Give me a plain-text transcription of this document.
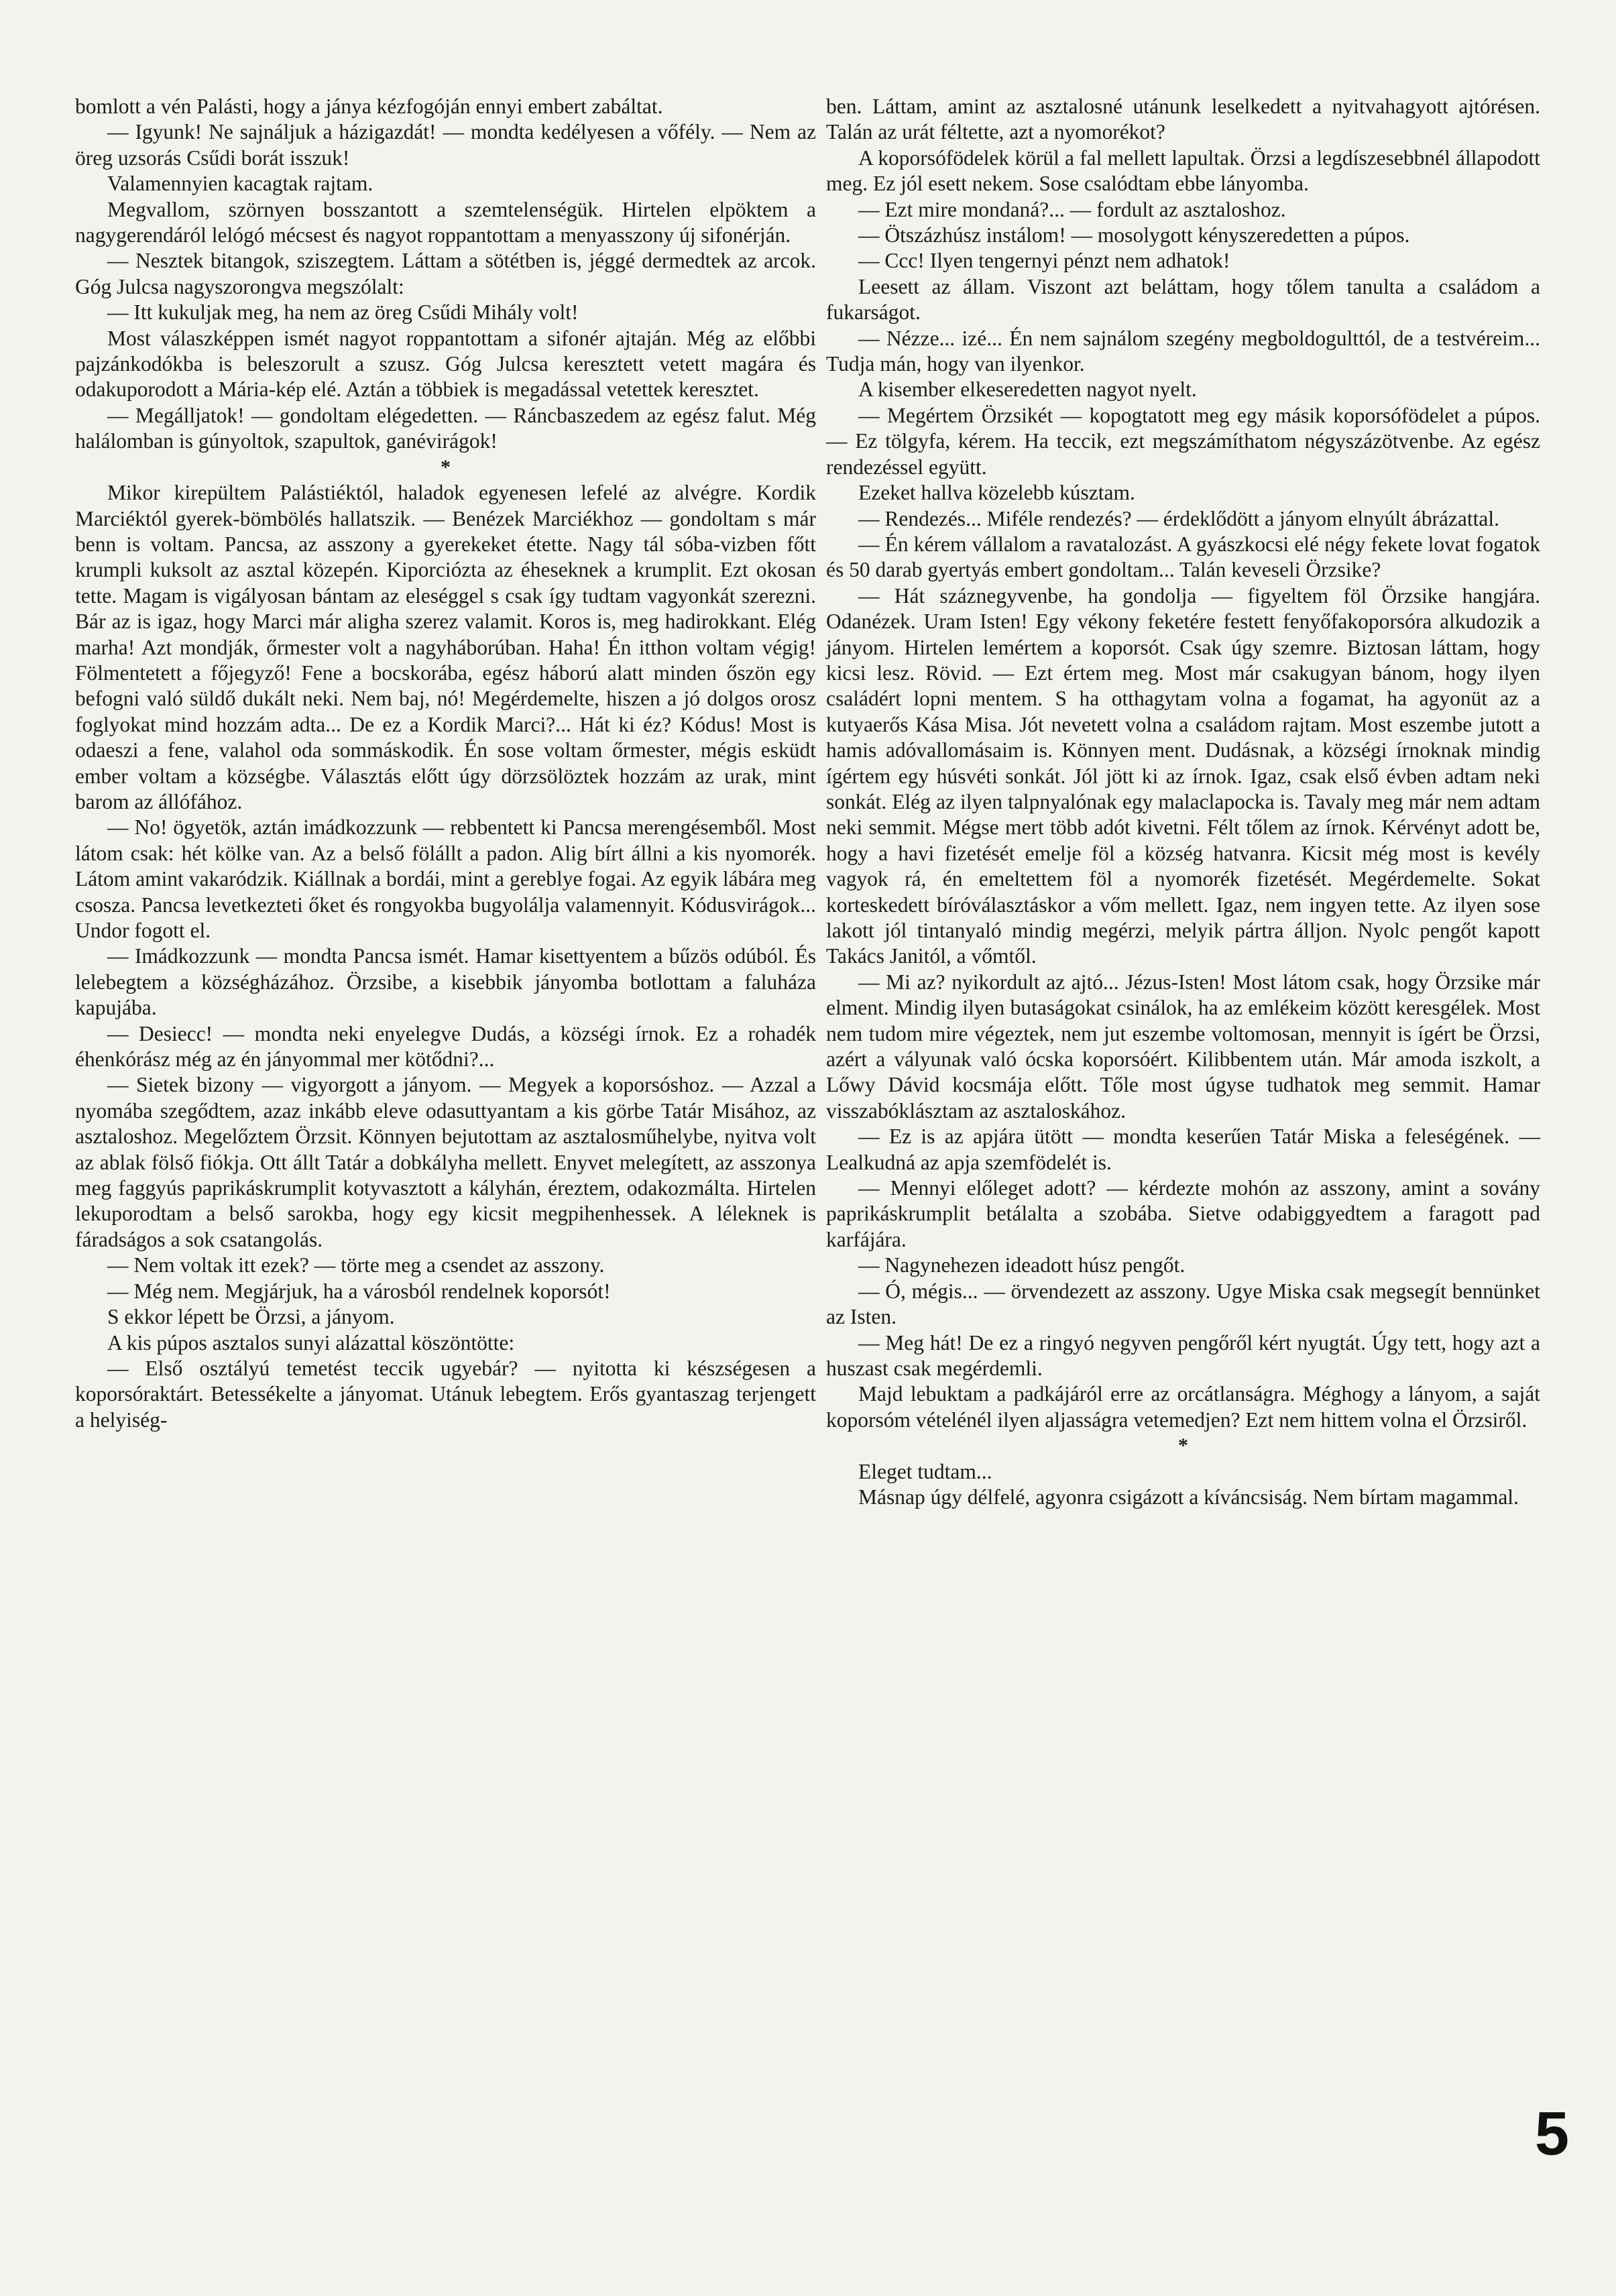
bomlott a vén Palásti, hogy a jánya kézfogóján ennyi embert zabáltat.

— Igyunk! Ne sajnáljuk a házigazdát! — mondta kedélyesen a vőfély. — Nem az öreg uzsorás Csűdi borát isszuk!

Valamennyien kacagtak rajtam.

Megvallom, szörnyen bosszantott a szemtelenségük. Hirtelen elpöktem a nagygerendáról lelógó mécsest és nagyot roppantottam a menyasszony új sifonérján.

— Nesztek bitangok, sziszegtem. Láttam a sötétben is, jéggé dermedtek az arcok. Góg Julcsa nagyszorongva megszólalt:

— Itt kukuljak meg, ha nem az öreg Csűdi Mihály volt!

Most válaszképpen ismét nagyot roppantottam a sifonér ajtaján. Még az előbbi pajzánkodókba is beleszorult a szusz. Góg Julcsa keresztett vetett magára és odakuporodott a Mária-kép elé. Aztán a többiek is megadással vetettek keresztet.

— Megálljatok! — gondoltam elégedetten. — Ráncbaszedem az egész falut. Még halálomban is gúnyoltok, szapultok, ganévirágok!

*

Mikor kirepültem Palástiéktól, haladok egyenesen lefelé az alvégre. Kordik Marciéktól gyerek-bömbölés hallatszik. — Benézek Marciékhoz — gondoltam s már benn is voltam. Pancsa, az asszony a gyerekeket étette. Nagy tál sóba-vizben főtt krumpli kuksolt az asztal közepén. Kiporciózta az éheseknek a krumplit. Ezt okosan tette. Magam is vigályosan bántam az eleséggel s csak így tudtam vagyonkát szerezni. Bár az is igaz, hogy Marci már aligha szerez valamit. Koros is, meg hadirokkant. Elég marha! Azt mondják, őrmester volt a nagyháborúban. Haha! Én itthon voltam végig! Fölmentetett a főjegyző! Fene a bocskorába, egész háború alatt minden őszön egy befogni való süldő dukált neki. Nem baj, nó! Megérdemelte, hiszen a jó dolgos orosz foglyokat mind hozzám adta... De ez a Kordik Marci?... Hát ki éz? Kódus! Most is odaeszi a fene, valahol oda sommáskodik. Én sose voltam őrmester, mégis esküdt ember voltam a községbe. Választás előtt úgy dörzsölöztek hozzám az urak, mint barom az állófához.

— No! ögyetök, aztán imádkozzunk — rebbentett ki Pancsa merengésemből. Most látom csak: hét kölke van. Az a belső fölállt a padon. Alig bírt állni a kis nyomorék. Látom amint vakaródzik. Kiállnak a bordái, mint a gereblye fogai. Az egyik lábára meg csosza. Pancsa levetkezteti őket és rongyokba bugyolálja valamennyit. Kódusvirágok... Undor fogott el.

— Imádkozzunk — mondta Pancsa ismét. Hamar kisettyentem a bűzös odúból. És lelebegtem a községházához. Örzsibe, a kisebbik jányomba botlottam a faluháza kapujába.

— Desiecc! — mondta neki enyelegve Dudás, a községi írnok. Ez a rohadék éhenkórász még az én jányommal mer kötődni?...

— Sietek bizony — vigyorgott a jányom. — Megyek a koporsóshoz. — Azzal a nyomába szegődtem, azaz inkább eleve odasuttyantam a kis görbe Tatár Misához, az asztaloshoz. Megelőztem Örzsit. Könnyen bejutottam az asztalosműhelybe, nyitva volt az ablak fölső fiókja. Ott állt Tatár a dobkályha mellett. Enyvet melegített, az asszonya meg faggyús paprikáskrumplit kotyvasztott a kályhán, éreztem, odakozmálta. Hirtelen lekuporodtam a belső sarokba, hogy egy kicsit megpihenhessek. A léleknek is fáradságos a sok csatangolás.

— Nem voltak itt ezek? — törte meg a csendet az asszony.

— Még nem. Megjárjuk, ha a városból rendelnek koporsót!

S ekkor lépett be Örzsi, a jányom.

A kis púpos asztalos sunyi alázattal köszöntötte:

— Első osztályú temetést teccik ugyebár? — nyitotta ki készségesen a koporsóraktárt. Betessékelte a jányomat. Utánuk lebegtem. Erős gyantaszag terjengett a helyiség-

ben. Láttam, amint az asztalosné utánunk leselkedett a nyitvahagyott ajtórésen. Talán az urát féltette, azt a nyomorékot?

A koporsófödelek körül a fal mellett lapultak. Örzsi a legdíszesebbnél állapodott meg. Ez jól esett nekem. Sose csalódtam ebbe lányomba.

— Ezt mire mondaná?... — fordult az asztaloshoz.

— Ötszázhúsz instálom! — mosolygott kényszeredetten a púpos.

— Ccc! Ilyen tengernyi pénzt nem adhatok!

Leesett az állam. Viszont azt beláttam, hogy tőlem tanulta a családom a fukarságot.

— Nézze... izé... Én nem sajnálom szegény megboldogulttól, de a testvéreim... Tudja mán, hogy van ilyenkor.

A kisember elkeseredetten nagyot nyelt.

— Megértem Örzsikét — kopogtatott meg egy másik koporsófödelet a púpos. — Ez tölgyfa, kérem. Ha teccik, ezt megszámíthatom négyszázötvenbe. Az egész rendezéssel együtt.

Ezeket hallva közelebb kúsztam.

— Rendezés... Miféle rendezés? — érdeklődött a jányom elnyúlt ábrázattal.

— Én kérem vállalom a ravatalozást. A gyászkocsi elé négy fekete lovat fogatok és 50 darab gyertyás embert gondoltam... Talán keveseli Örzsike?

— Hát száznegyvenbe, ha gondolja — figyeltem föl Örzsike hangjára. Odanézek. Uram Isten! Egy vékony feketére festett fenyőfakoporsóra alkudozik a jányom. Hirtelen lemértem a koporsót. Csak úgy szemre. Biztosan láttam, hogy kicsi lesz. Rövid. — Ezt értem meg. Most már csakugyan bánom, hogy ilyen családért lopni mentem. S ha otthagytam volna a fogamat, ha agyonüt az a kutyaerős Kása Misa. Jót nevetett volna a családom rajtam. Most eszembe jutott a hamis adóvallomásaim is. Könnyen ment. Dudásnak, a községi írnoknak mindig ígértem egy húsvéti sonkát. Jól jött ki az írnok. Igaz, csak első évben adtam neki sonkát. Elég az ilyen talpnyalónak egy malaclapocka is. Tavaly meg már nem adtam neki semmit. Mégse mert több adót kivetni. Félt tőlem az írnok. Kérvényt adott be, hogy a havi fizetését emelje föl a község hatvanra. Kicsit még most is kevély vagyok rá, én emeltettem föl a nyomorék fizetését. Megérdemelte. Sokat korteskedett bíróválasztáskor a vőm mellett. Igaz, nem ingyen tette. Az ilyen sose lakott jól tintanyaló mindig megérzi, melyik pártra álljon. Nyolc pengőt kapott Takács Janitól, a vőmtől.

— Mi az? nyikordult az ajtó... Jézus-Isten! Most látom csak, hogy Örzsike már elment. Mindig ilyen butaságokat csinálok, ha az emlékeim között keresgélek. Most nem tudom mire végeztek, nem jut eszembe voltomosan, mennyit is ígért be Örzsi, azért a vályunak való ócska koporsóért. Kilibbentem után. Már amoda iszkolt, a Lőwy Dávid kocsmája előtt. Tőle most úgyse tudhatok meg semmit. Hamar visszabóklásztam az asztaloskához.

— Ez is az apjára ütött — mondta keserűen Tatár Miska a feleségének. — Lealkudná az apja szemfödelét is.

— Mennyi előleget adott? — kérdezte mohón az asszony, amint a sovány paprikáskrumplit betálalta a szobába. Sietve odabiggyedtem a faragott pad karfájára.

— Nagynehezen ideadott húsz pengőt.

— Ó, mégis... — örvendezett az asszony. Ugye Miska csak megsegít bennünket az Isten.

— Meg hát! De ez a ringyó negyven pengőről kért nyugtát. Úgy tett, hogy azt a huszast csak megérdemli.

Majd lebuktam a padkájáról erre az orcátlanságra. Méghogy a lányom, a saját koporsóm vételénél ilyen aljasságra vetemedjen? Ezt nem hittem volna el Örzsiről.

*

Eleget tudtam...

Másnap úgy délfelé, agyonra csigázott a kíváncsiság. Nem bírtam magammal.

5
